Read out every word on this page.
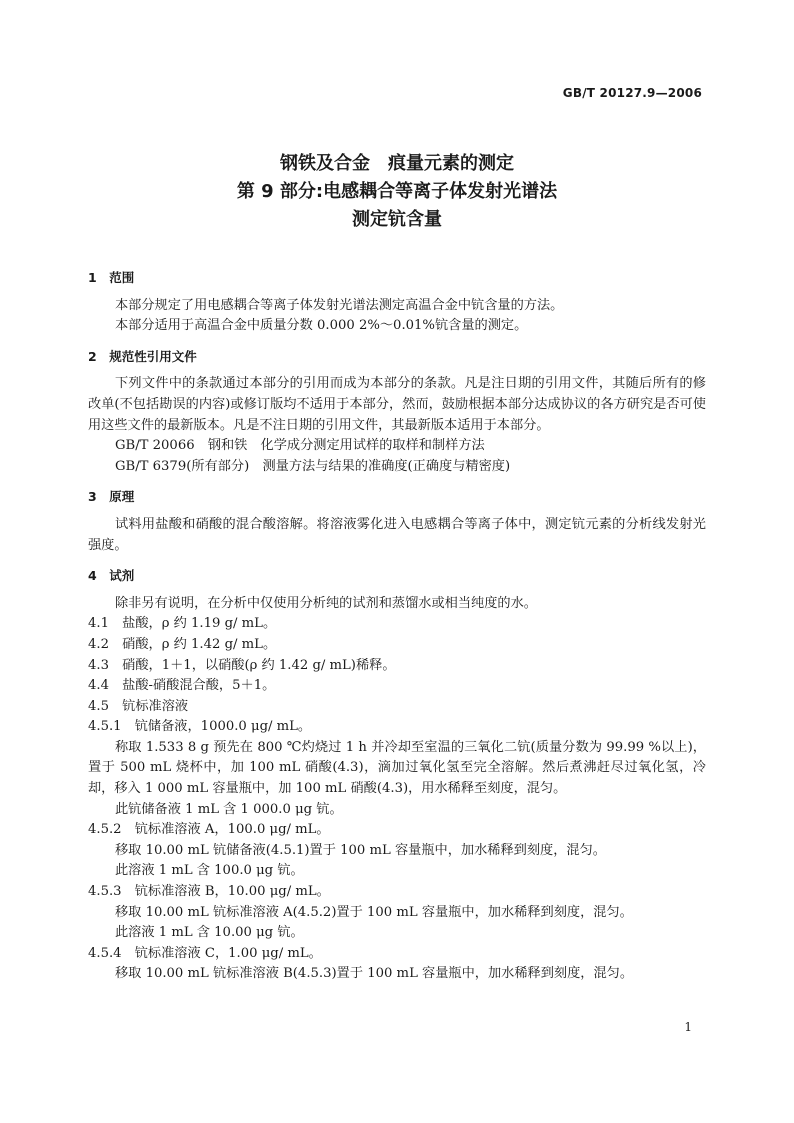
GB/T 20127.9—2006
钢铁及合金　痕量元素的测定
第 9 部分:电感耦合等离子体发射光谱法
测定钪含量
1　范围
本部分规定了用电感耦合等离子体发射光谱法测定高温合金中钪含量的方法。
本部分适用于高温合金中质量分数 0.000 2%～0.01%钪含量的测定。
2　规范性引用文件
下列文件中的条款通过本部分的引用而成为本部分的条款。凡是注日期的引用文件，其随后所有的修改单(不包括勘误的内容)或修订版均不适用于本部分，然而，鼓励根据本部分达成协议的各方研究是否可使用这些文件的最新版本。凡是不注日期的引用文件，其最新版本适用于本部分。
GB/T 20066　钢和铁　化学成分测定用试样的取样和制样方法
GB/T 6379(所有部分)　测量方法与结果的准确度(正确度与精密度)
3　原理
试料用盐酸和硝酸的混合酸溶解。将溶液雾化进入电感耦合等离子体中，测定钪元素的分析线发射光强度。
4　试剂
除非另有说明，在分析中仅使用分析纯的试剂和蒸馏水或相当纯度的水。
4.1　盐酸，ρ 约 1.19 g/ mL。
4.2　硝酸，ρ 约 1.42 g/ mL。
4.3　硝酸，1＋1，以硝酸(ρ 约 1.42 g/ mL)稀释。
4.4　盐酸-硝酸混合酸，5＋1。
4.5　钪标准溶液
4.5.1　钪储备液，1000.0 μg/ mL。
称取 1.533 8 g 预先在 800 ℃灼烧过 1 h 并冷却至室温的三氧化二钪(质量分数为 99.99 %以上)，置于 500 mL 烧杯中，加 100 mL 硝酸(4.3)，滴加过氧化氢至完全溶解。然后煮沸赶尽过氧化氢，冷却，移入 1 000 mL 容量瓶中，加 100 mL 硝酸(4.3)，用水稀释至刻度，混匀。
此钪储备液 1 mL 含 1 000.0 μg 钪。
4.5.2　钪标准溶液 A，100.0 μg/ mL。
移取 10.00 mL 钪储备液(4.5.1)置于 100 mL 容量瓶中，加水稀释到刻度，混匀。
此溶液 1 mL 含 100.0 μg 钪。
4.5.3　钪标准溶液 B，10.00 μg/ mL。
移取 10.00 mL 钪标准溶液 A(4.5.2)置于 100 mL 容量瓶中，加水稀释到刻度，混匀。
此溶液 1 mL 含 10.00 μg 钪。
4.5.4　钪标准溶液 C，1.00 μg/ mL。
移取 10.00 mL 钪标准溶液 B(4.5.3)置于 100 mL 容量瓶中，加水稀释到刻度，混匀。
1
